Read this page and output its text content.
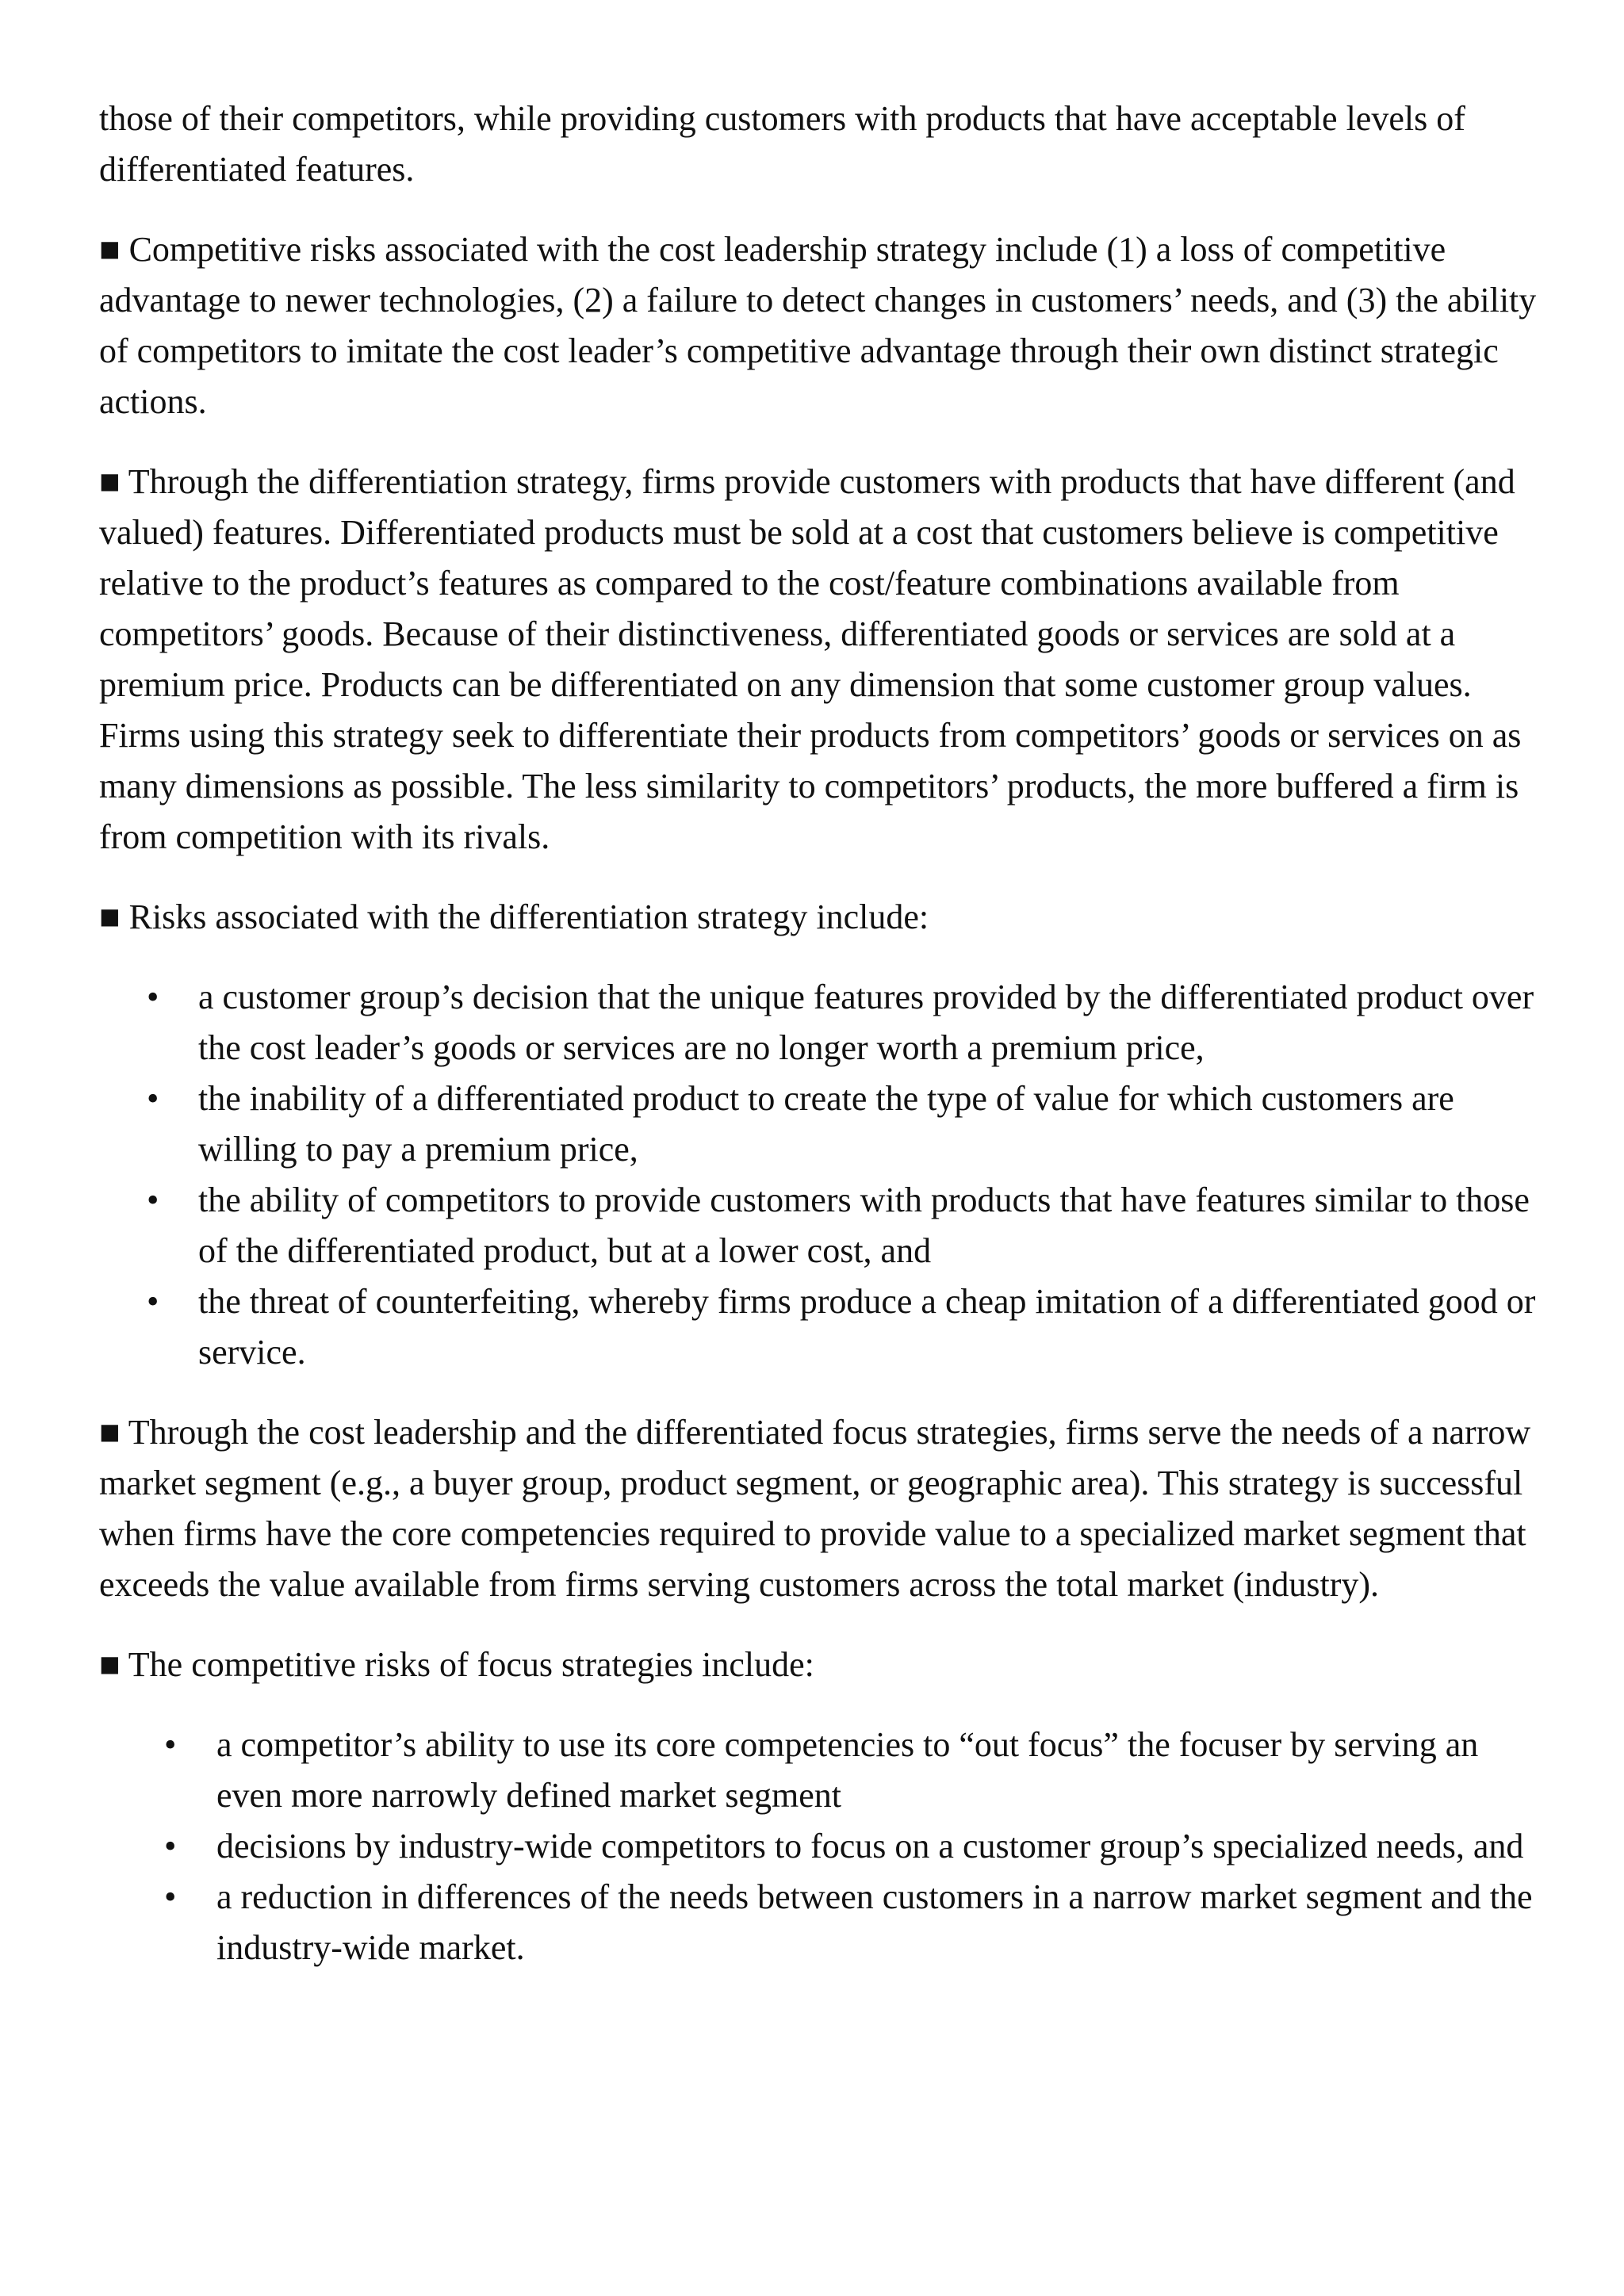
those of their competitors, while providing customers with products that have acceptable levels of differentiated features.

■ Competitive risks associated with the cost leadership strategy include (1) a loss of competitive advantage to newer technologies, (2) a failure to detect changes in customers’ needs, and (3) the ability of competitors to imitate the cost leader’s competitive advantage through their own distinct strategic actions.

■ Through the differentiation strategy, firms provide customers with products that have different (and valued) features. Differentiated products must be sold at a cost that customers believe is competitive relative to the product’s features as compared to the cost/feature combinations available from competitors’ goods. Because of their distinctiveness, differentiated goods or services are sold at a premium price. Products can be differentiated on any dimension that some customer group values. Firms using this strategy seek to differentiate their products from competitors’ goods or services on as many dimensions as possible. The less similarity to competitors’ products, the more buffered a firm is from competition with its rivals.

■ Risks associated with the differentiation strategy include:

• a customer group’s decision that the unique features provided by the differentiated product over the cost leader’s goods or services are no longer worth a premium price,
• the inability of a differentiated product to create the type of value for which customers are willing to pay a premium price,
• the ability of competitors to provide customers with products that have features similar to those of the differentiated product, but at a lower cost, and
• the threat of counterfeiting, whereby firms produce a cheap imitation of a differentiated good or service.

■ Through the cost leadership and the differentiated focus strategies, firms serve the needs of a narrow market segment (e.g., a buyer group, product segment, or geographic area). This strategy is successful when firms have the core competencies required to provide value to a specialized market segment that exceeds the value available from firms serving customers across the total market (industry).

■ The competitive risks of focus strategies include:

• a competitor’s ability to use its core competencies to “out focus” the focuser by serving an even more narrowly defined market segment
• decisions by industry-wide competitors to focus on a customer group’s specialized needs, and
• a reduction in differences of the needs between customers in a narrow market segment and the industry-wide market.
